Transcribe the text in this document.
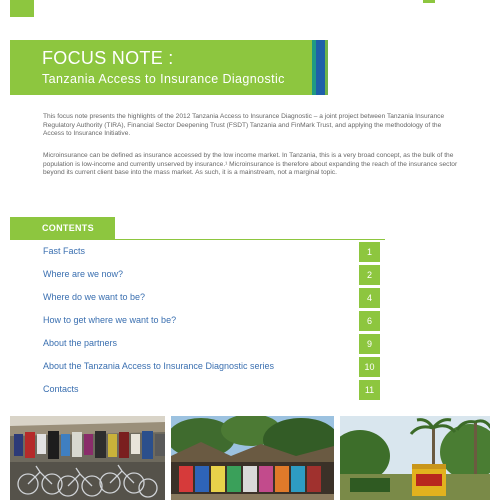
FOCUS NOTE :
Tanzania Access to Insurance Diagnostic

This focus note presents the highlights of the 2012 Tanzania Access to Insurance Diagnostic – a joint project between Tanzania Insurance Regulatory Authority (TIRA), Financial Sector Deepening Trust (FSDT) Tanzania and FinMark Trust, and applying the methodology of the Access to Insurance Initiative.

Microinsurance can be defined as insurance accessed by the low income market. In Tanzania, this is a very broad concept, as the bulk of the population is low-income and currently unserved by insurance.¹ Microinsurance is therefore about expanding the reach of the insurance sector beyond its current client base into the mass market. As such, it is a mainstream, not a marginal topic.

CONTENTS
Fast Facts	1
Where are we now?	2
Where do we want to be?	4
How to get where we want to be?	6
About the partners	9
About the Tanzania Access to Insurance Diagnostic series	10
Contacts	11
